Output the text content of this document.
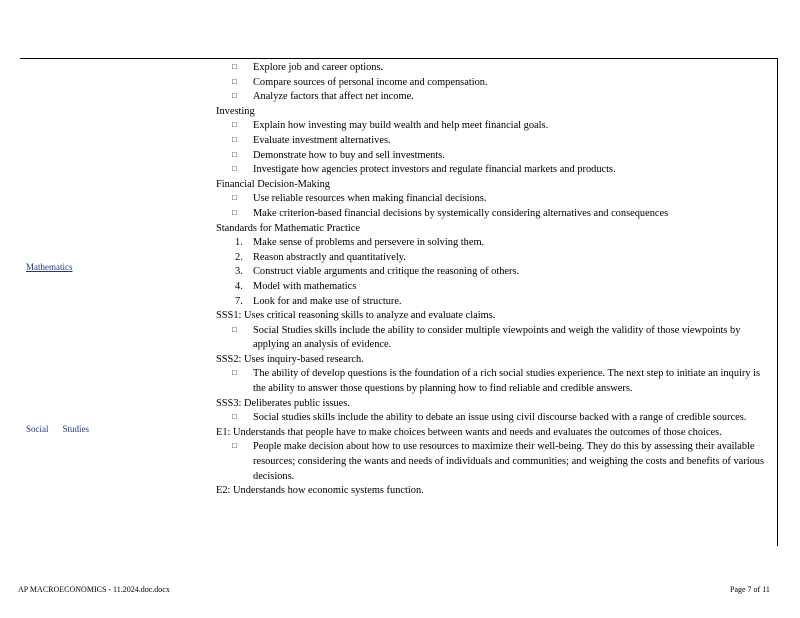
Mathematics
Social Studies
□ Explore job and career options.
□ Compare sources of personal income and compensation.
□ Analyze factors that affect net income.
Investing
□ Explain how investing may build wealth and help meet financial goals.
□ Evaluate investment alternatives.
□ Demonstrate how to buy and sell investments.
□ Investigate how agencies protect investors and regulate financial markets and products.
Financial Decision-Making
□ Use reliable resources when making financial decisions.
□ Make criterion-based financial decisions by systemically considering alternatives and consequences
Standards for Mathematic Practice
1. Make sense of problems and persevere in solving them.
2. Reason abstractly and quantitatively.
3. Construct viable arguments and critique the reasoning of others.
4. Model with mathematics
7. Look for and make use of structure.
SSS1: Uses critical reasoning skills to analyze and evaluate claims.
□ Social Studies skills include the ability to consider multiple viewpoints and weigh the validity of those viewpoints by applying an analysis of evidence.
SSS2: Uses inquiry-based research.
□ The ability of develop questions is the foundation of a rich social studies experience. The next step to initiate an inquiry is the ability to answer those questions by planning how to find reliable and credible answers.
SSS3: Deliberates public issues.
□ Social studies skills include the ability to debate an issue using civil discourse backed with a range of credible sources.
E1: Understands that people have to make choices between wants and needs and evaluates the outcomes of those choices.
□ People make decision about how to use resources to maximize their well-being. They do this by assessing their available resources; considering the wants and needs of individuals and communities; and weighing the costs and benefits of various decisions.
E2: Understands how economic systems function.
AP MACROECONOMICS - 11.2024.doc.docx	Page 7 of 11
